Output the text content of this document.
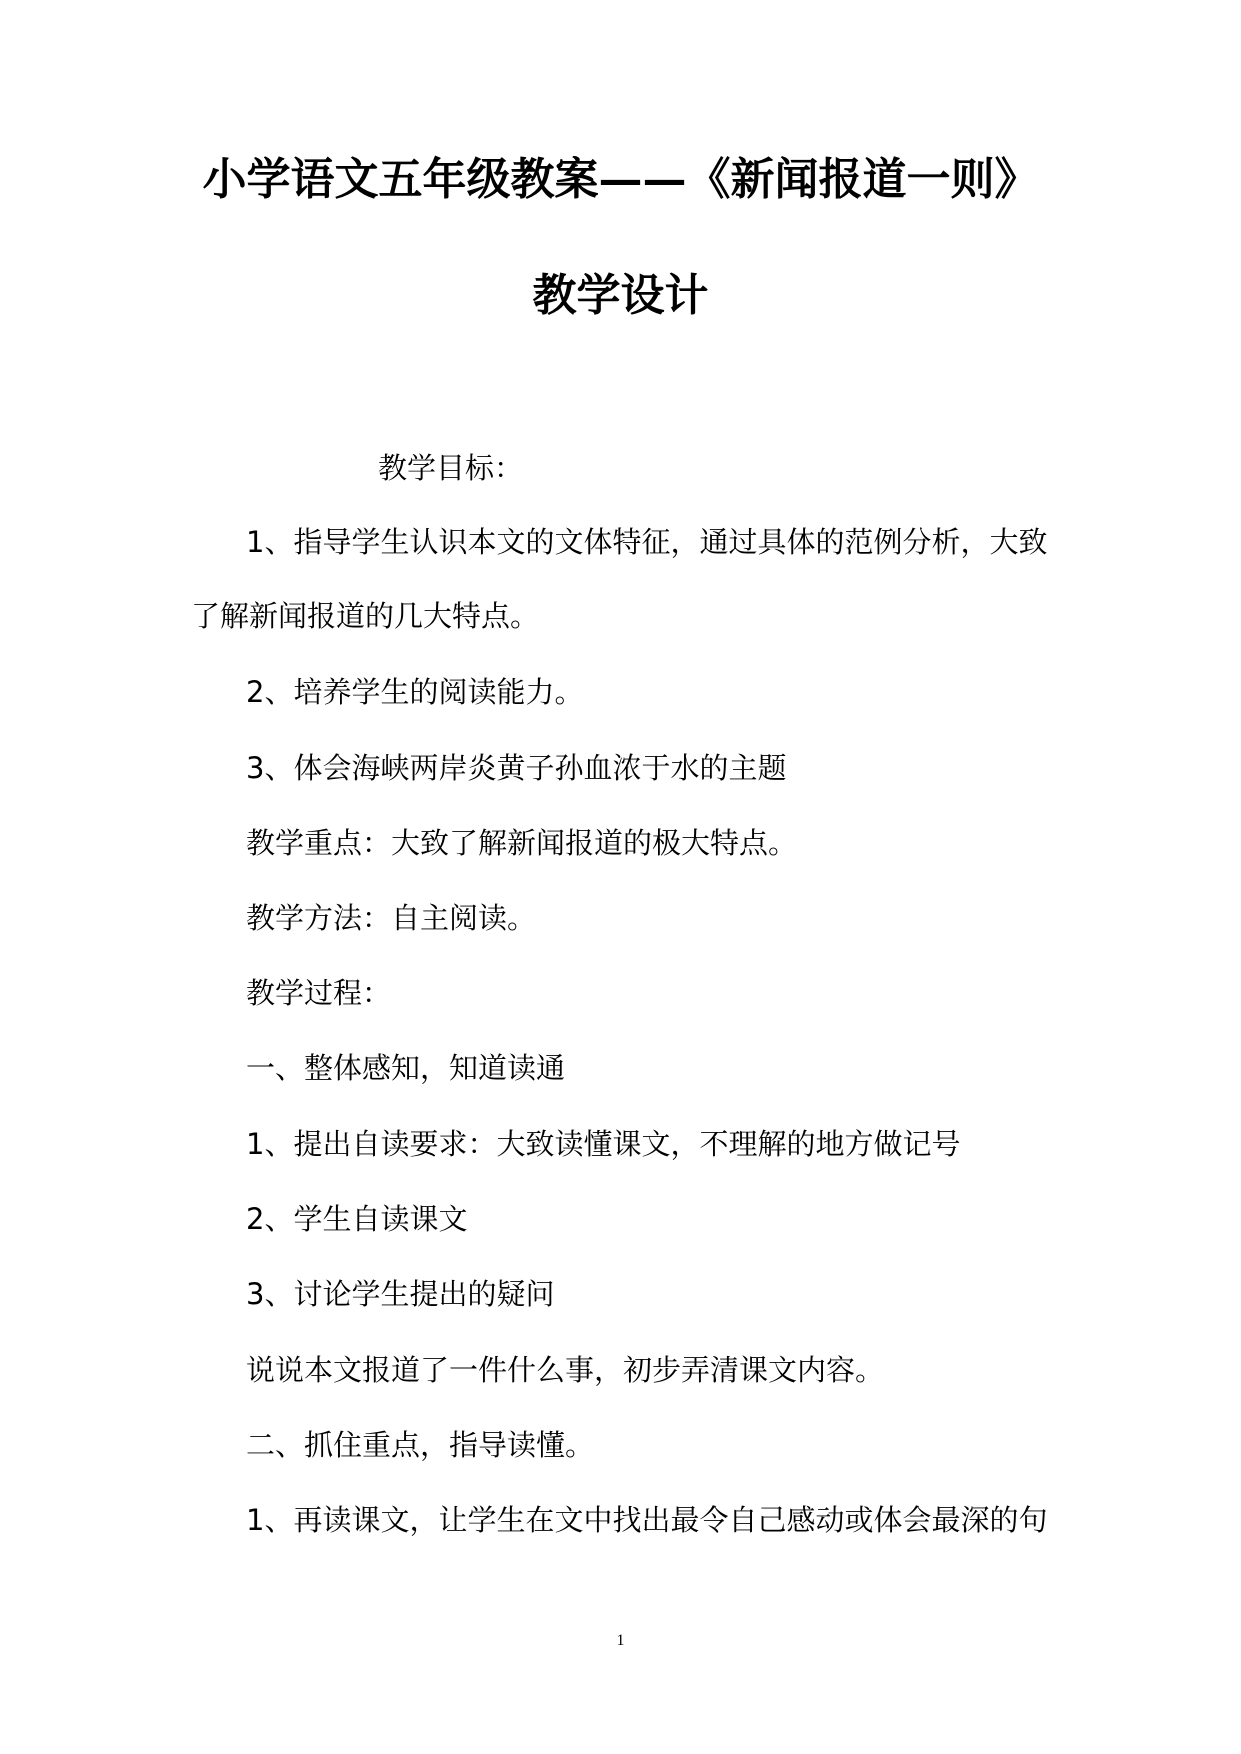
小学语文五年级教案——《新闻报道一则》
教学设计
教学目标：
1、指导学生认识本文的文体特征，通过具体的范例分析，大致
了解新闻报道的几大特点。
2、培养学生的阅读能力。
3、体会海峡两岸炎黄子孙血浓于水的主题
教学重点：大致了解新闻报道的极大特点。
教学方法：自主阅读。
教学过程：
一、整体感知，知道读通
1、提出自读要求：大致读懂课文，不理解的地方做记号
2、学生自读课文
3、讨论学生提出的疑问
说说本文报道了一件什么事，初步弄清课文内容。
二、抓住重点，指导读懂。
1、再读课文，让学生在文中找出最令自己感动或体会最深的句
1
